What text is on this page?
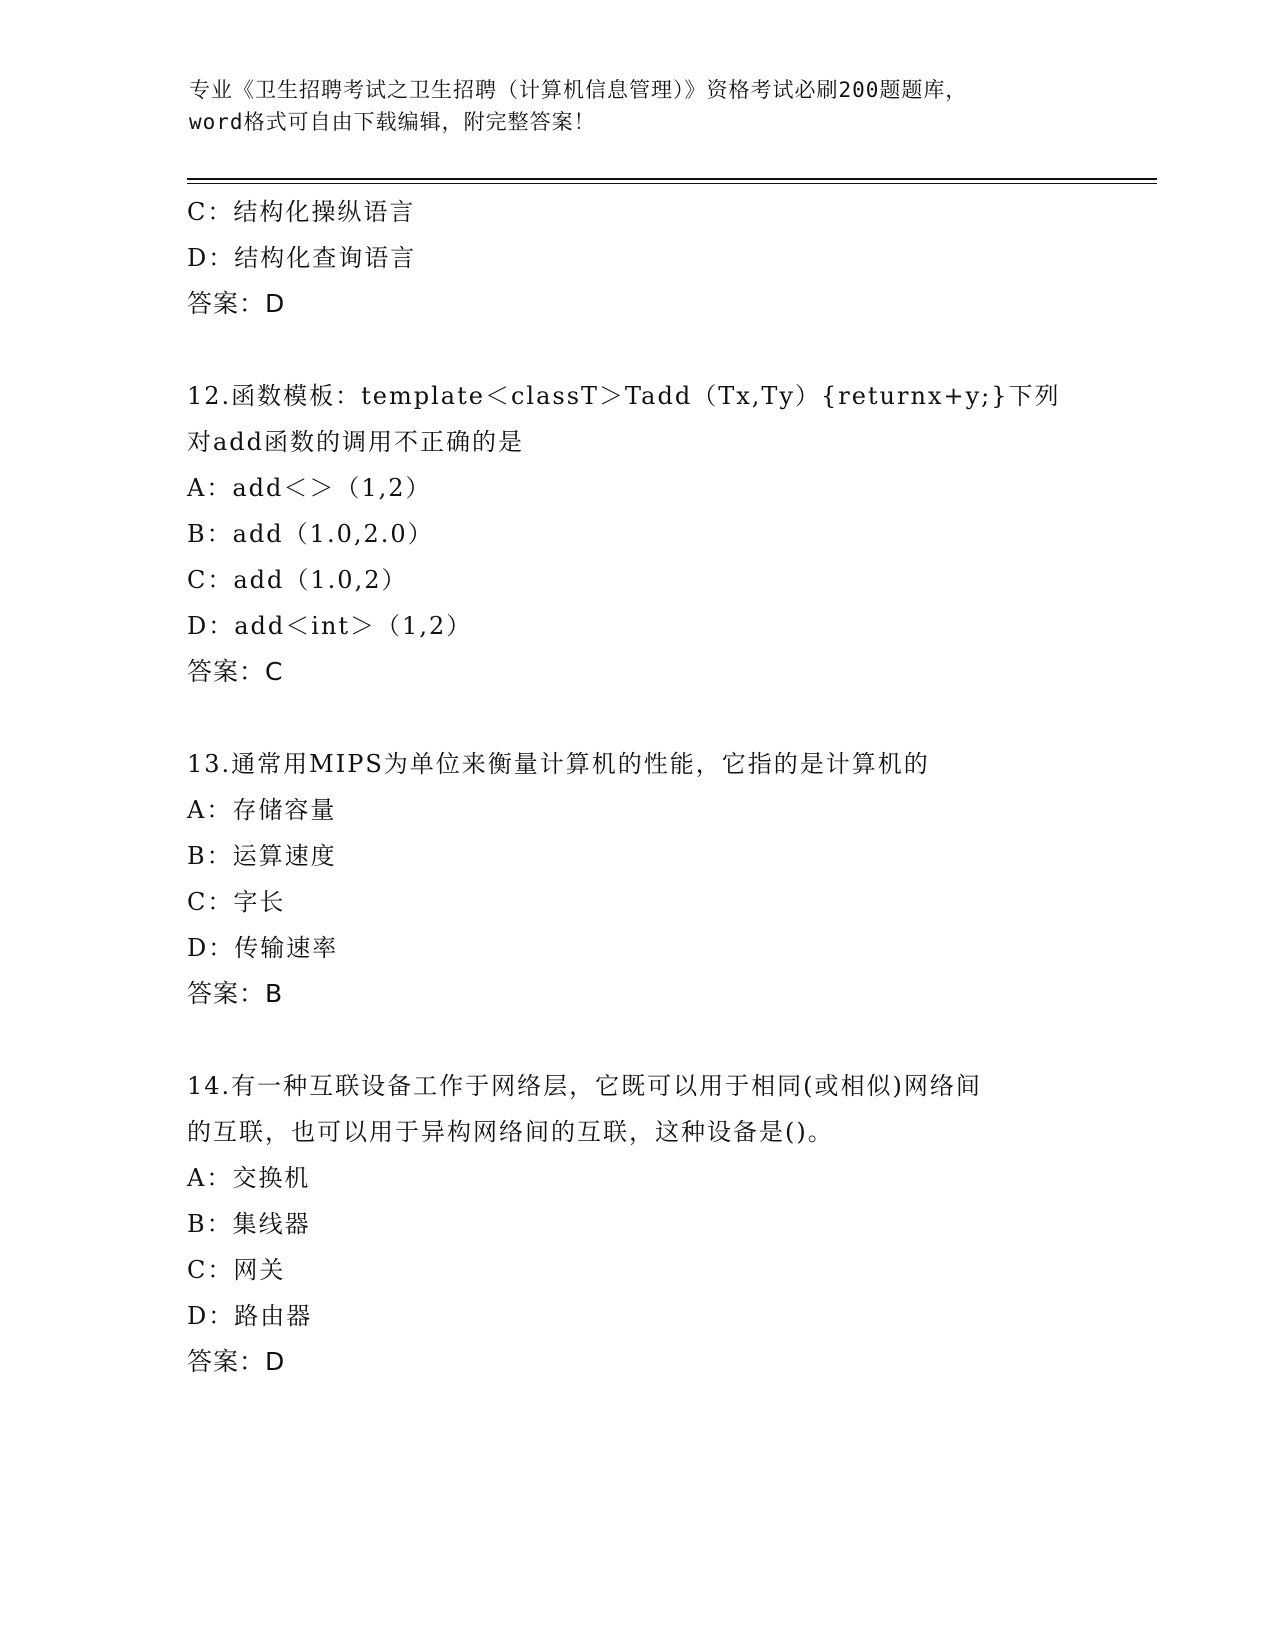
专业《卫生招聘考试之卫生招聘（计算机信息管理）》资格考试必刷200题题库，
word格式可自由下载编辑，附完整答案！
C：结构化操纵语言
D：结构化查询语言
答案：D
12.函数模板：template＜classT＞Tadd（Tx,Ty）{returnx+y;}下列
对add函数的调用不正确的是
A：add＜＞（1,2）
B：add（1.0,2.0）
C：add（1.0,2）
D：add＜int＞（1,2）
答案：C
13.通常用MIPS为单位来衡量计算机的性能，它指的是计算机的
A：存储容量
B：运算速度
C：字长
D：传输速率
答案：B
14.有一种互联设备工作于网络层，它既可以用于相同(或相似)网络间
的互联，也可以用于异构网络间的互联，这种设备是()。
A：交换机
B：集线器
C：网关
D：路由器
答案：D
